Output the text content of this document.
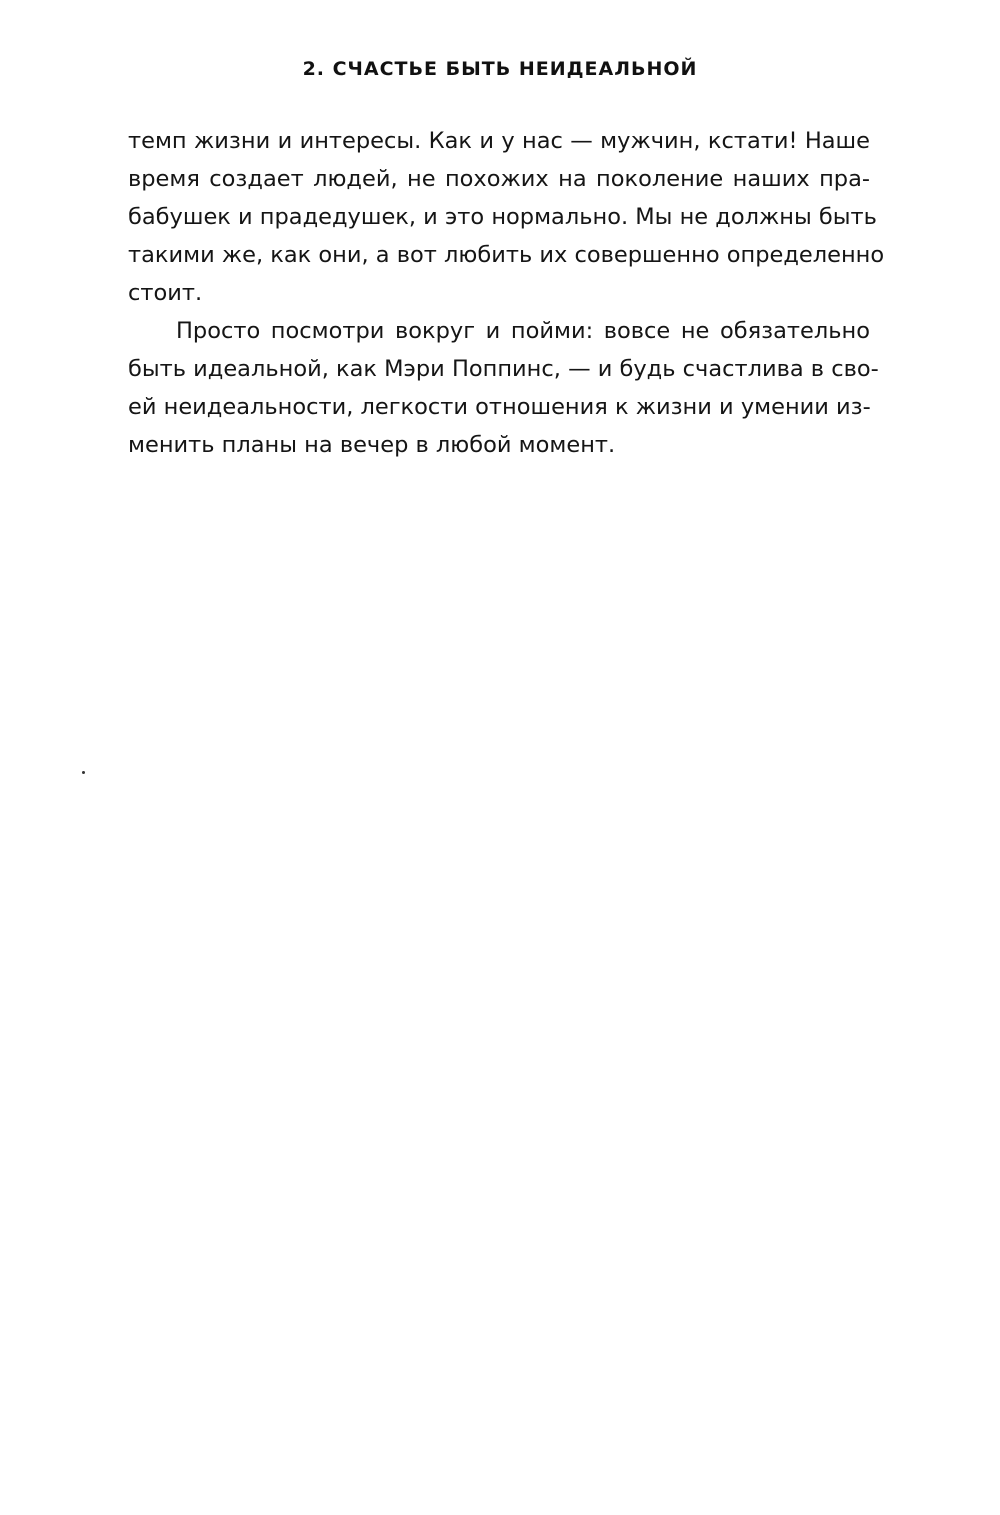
2. СЧАСТЬЕ БЫТЬ НЕИДЕАЛЬНОЙ
темп жизни и интересы. Как и у нас — мужчин, кстати! Наше
время создает людей, не похожих на поколение наших пра-
бабушек и прадедушек, и это нормально. Мы не должны быть
такими же, как они, а вот любить их совершенно определенно
стоит.
Просто посмотри вокруг и пойми: вовсе не обязательно
быть идеальной, как Мэри Поппинс, — и будь счастлива в сво-
ей неидеальности, легкости отношения к жизни и умении из-
менить планы на вечер в любой момент.
